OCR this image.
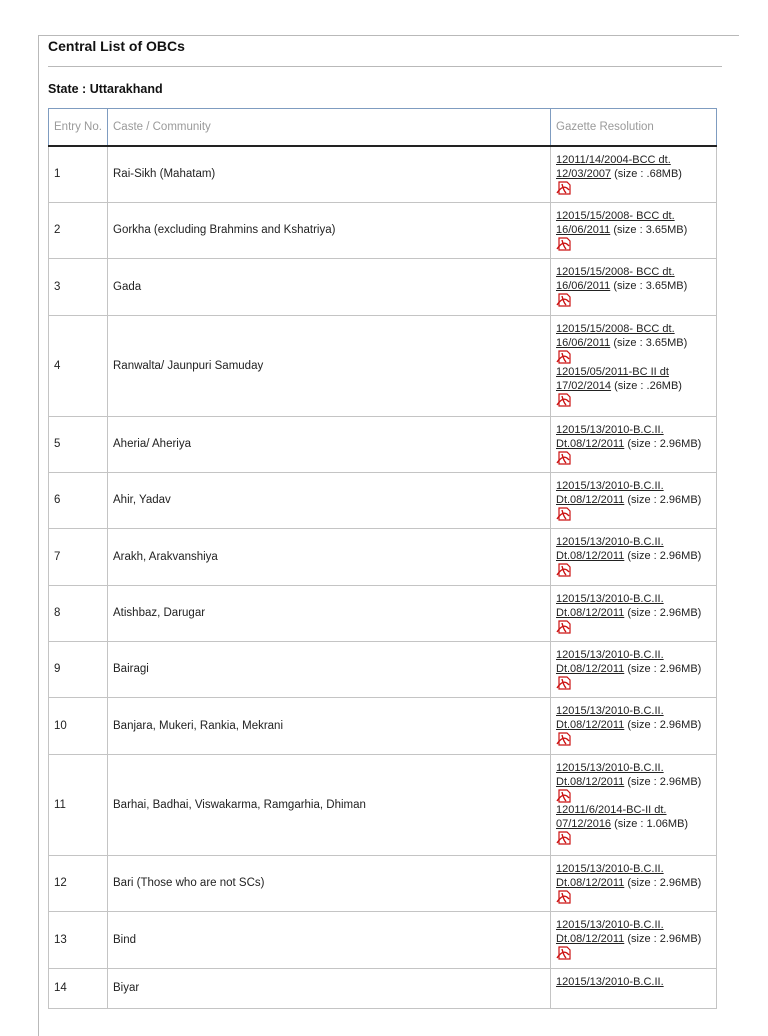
Central List of OBCs
State : Uttarakhand
Entry No.	Caste / Community	Gazette Resolution
1	Rai-Sikh (Mahatam)	12011/14/2004-BCC dt. 12/03/2007 (size : .68MB)

2	Gorkha (excluding Brahmins and Kshatriya)	12015/15/2008- BCC dt. 16/06/2011 (size : 3.65MB)

3	Gada	12015/15/2008- BCC dt. 16/06/2011 (size : 3.65MB)

4	Ranwalta/ Jaunpuri Samuday	12015/15/2008- BCC dt. 16/06/2011 (size : 3.65MB)
12015/05/2011-BC II dt 17/02/2014 (size : .26MB)

5	Aheria/ Aheriya	12015/13/2010-B.C.II. Dt.08/12/2011 (size : 2.96MB)

6	Ahir, Yadav	12015/13/2010-B.C.II. Dt.08/12/2011 (size : 2.96MB)

7	Arakh, Arakvanshiya	12015/13/2010-B.C.II. Dt.08/12/2011 (size : 2.96MB)

8	Atishbaz, Darugar	12015/13/2010-B.C.II. Dt.08/12/2011 (size : 2.96MB)

9	Bairagi	12015/13/2010-B.C.II. Dt.08/12/2011 (size : 2.96MB)

10	Banjara, Mukeri, Rankia, Mekrani	12015/13/2010-B.C.II. Dt.08/12/2011 (size : 2.96MB)

11	Barhai, Badhai, Viswakarma, Ramgarhia, Dhiman	12015/13/2010-B.C.II. Dt.08/12/2011 (size : 2.96MB)
12011/6/2014-BC-II dt. 07/12/2016 (size : 1.06MB)

12	Bari (Those who are not SCs)	12015/13/2010-B.C.II. Dt.08/12/2011 (size : 2.96MB)

13	Bind	12015/13/2010-B.C.II. Dt.08/12/2011 (size : 2.96MB)

14	Biyar	12015/13/2010-B.C.II.
